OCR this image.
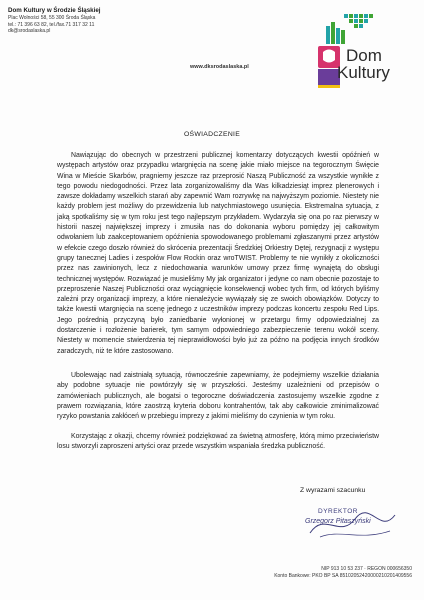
Dom Kultury w Środzie Śląskiej
Plac Wolności 58, 55 300 Środa Śląska
tel.: 71 396 63 82, tel./fax.71 317 32 11
dk@srodaslaska.pl
Dom
Kultury
www.dksrodaslaska.pl
OŚWIADCZENIE

Nawiązując do obecnych w przestrzeni publicznej komentarzy dotyczących kwestii opóźnień w występach artystów oraz przypadku wtargnięcia na scenę jakie miało miejsce na tegorocznym Święcie Wina w Mieście Skarbów, pragniemy jeszcze raz przeprosić Naszą Publiczność za wszystkie wynikłe z tego powodu niedogodności. Przez lata zorganizowaliśmy dla Was kilkadziesiąt imprez plenerowych i zawsze dokładamy wszelkich starań aby zapewnić Wam rozrywkę na najwyższym poziomie. Niestety nie każdy problem jest możliwy do przewidzenia lub natychmiastowego usunięcia. Ekstremalna sytuacja, z jaką spotkaliśmy się w tym roku jest tego najlepszym przykładem. Wydarzyła się ona po raz pierwszy w historii naszej największej imprezy i zmusiła nas do dokonania wyboru pomiędzy jej całkowitym odwołaniem lub zaakceptowaniem opóźnienia spowodowanego problemami zgłaszanymi przez artystów w efekcie czego doszło również do skrócenia prezentacji Średzkiej Orkiestry Dętej, rezygnacji z występu grupy tanecznej Ladies i zespołów Flow Rockin oraz wroTWIST. Problemy te nie wynikły z okoliczności przez nas zawinionych, lecz z niedochowania warunków umowy przez firmę wynajętą do obsługi technicznej występów. Rozwiązać je musieliśmy My jak organizator i jedyne co nam obecnie pozostaje to przeproszenie Naszej Publiczności oraz wyciągnięcie konsekwencji wobec tych firm, od których byliśmy zależni przy organizacji imprezy, a które nienależycie wywiązały się ze swoich obowiązków. Dotyczy to także kwestii wtargnięcia na scenę jednego z uczestników imprezy podczas koncertu zespołu Red Lips. Jego pośrednią przyczyną było zaniedbanie wyłonionej w przetargu firmy odpowiedzialnej za dostarczenie i rozłożenie barierek, tym samym odpowiedniego zabezpieczenie terenu wokół sceny. Niestety w momencie stwierdzenia tej nieprawidłowości było już za późno na podjęcia innych środków zaradczych, niż te które zastosowano.

Ubolewając nad zaistniałą sytuacją, równocześnie zapewniamy, że podejmiemy wszelkie działania aby podobne sytuacje nie powtórzyły się w przyszłości. Jesteśmy uzależnieni od przepisów o zamówieniach publicznych, ale bogatsi o tegoroczne doświadczenia zastosujemy wszelkie zgodne z prawem rozwiązania, które zaostrzą kryteria doboru kontrahentów, tak aby całkowicie zminimalizować ryzyko powstania zakłóceń w przebiegu imprezy z jakimi mieliśmy do czynienia w tym roku.

Korzystając z okazji, chcemy również podziękować za świetną atmosferę, którą mimo przeciwieństw losu stworzyli zaproszeni artyści oraz przede wszystkim wspaniała średzka publiczność.

Z wyrazami szacunku
DYREKTOR
Grzegorz Pitaszyński
NIP 913 10 53 237 · REGON 000656350
Konto Bankowe: PKO BP SA 85102052420000210201409556
